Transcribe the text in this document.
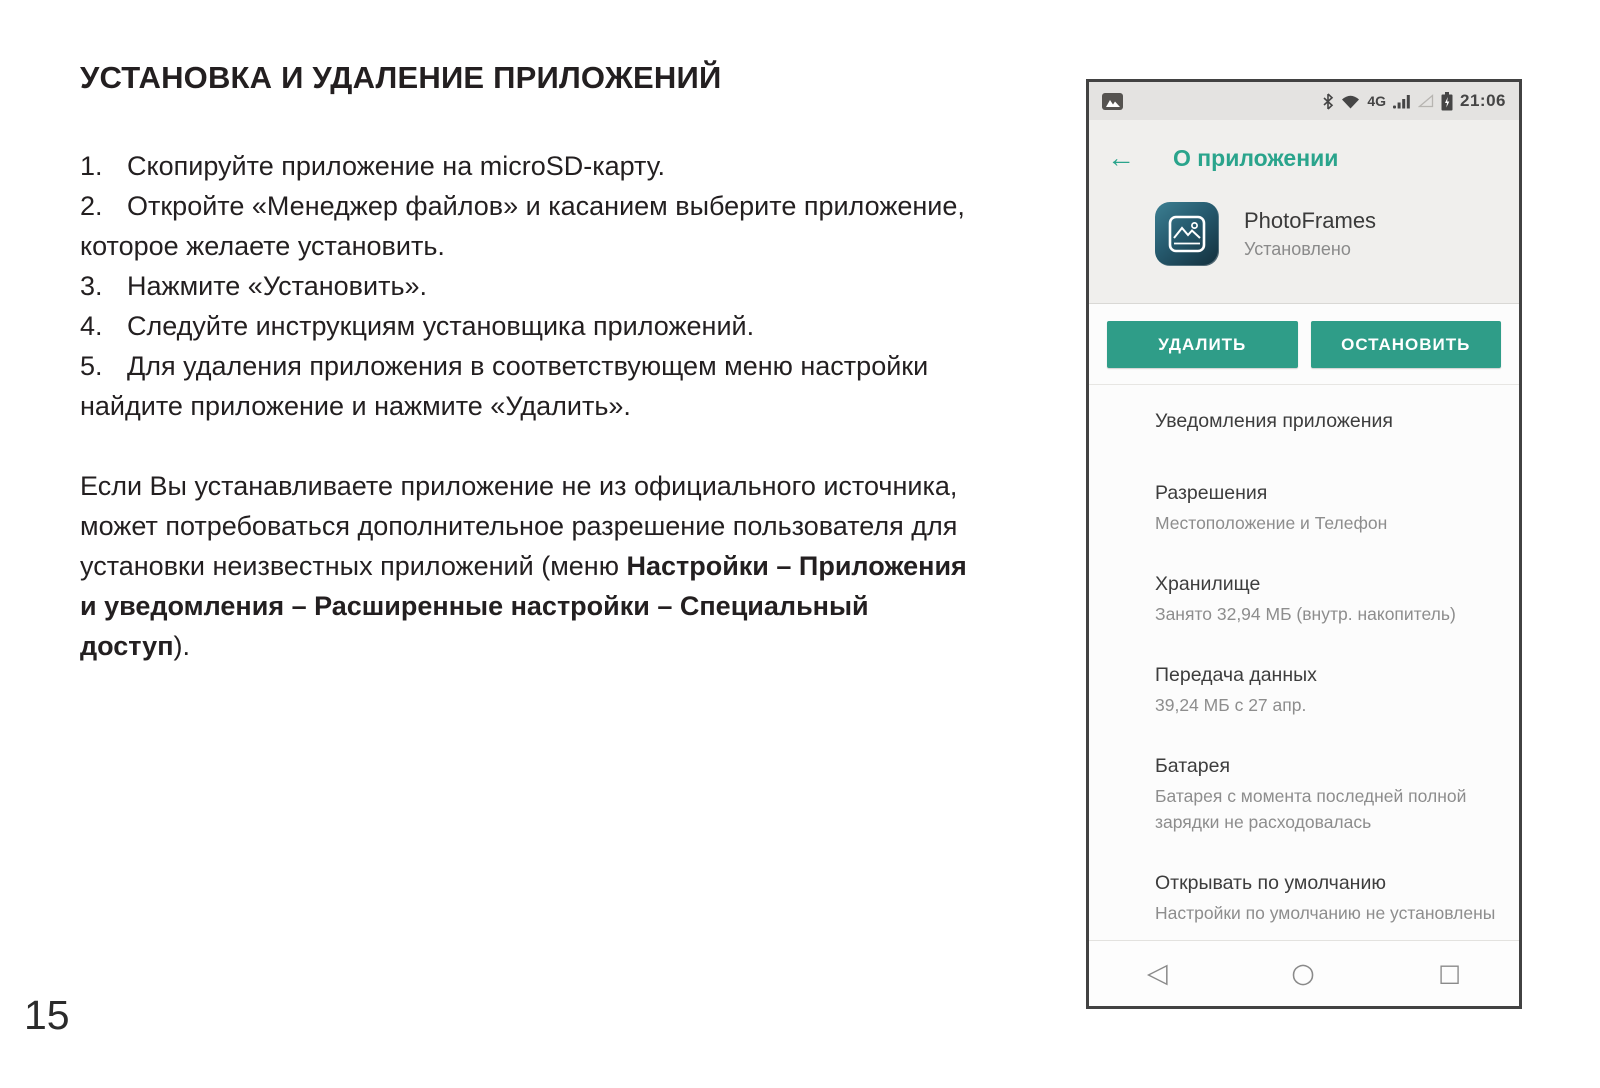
УСТАНОВКА И УДАЛЕНИЕ ПРИЛОЖЕНИЙ

1. Скопируйте приложение на microSD-карту.

2. Откройте «Менеджер файлов» и касанием выберите приложение, которое желаете установить.

3. Нажмите «Установить».

4. Следуйте инструкциям установщика приложений.

5. Для удаления приложения в соответствующем меню настройки найдите приложение и нажмите «Удалить».

Если Вы устанавливаете приложение не из официального источника, может потребоваться дополнительное разрешение пользователя для установки неизвестных приложений (меню Настройки – Приложения и уведомления – Расширенные настройки – Специальный доступ).

15
4G	21:06
← О приложении
PhotoFrames
Установлено
УДАЛИТЬ	ОСТАНОВИТЬ
Уведомления приложения
Разрешения
Местоположение и Телефон
Хранилище
Занято 32,94 МБ (внутр. накопитель)
Передача данных
39,24 МБ с 27 апр.
Батарея
Батарея с момента последней полной зарядки не расходовалась
Открывать по умолчанию
Настройки по умолчанию не установлены
◁	○	□
